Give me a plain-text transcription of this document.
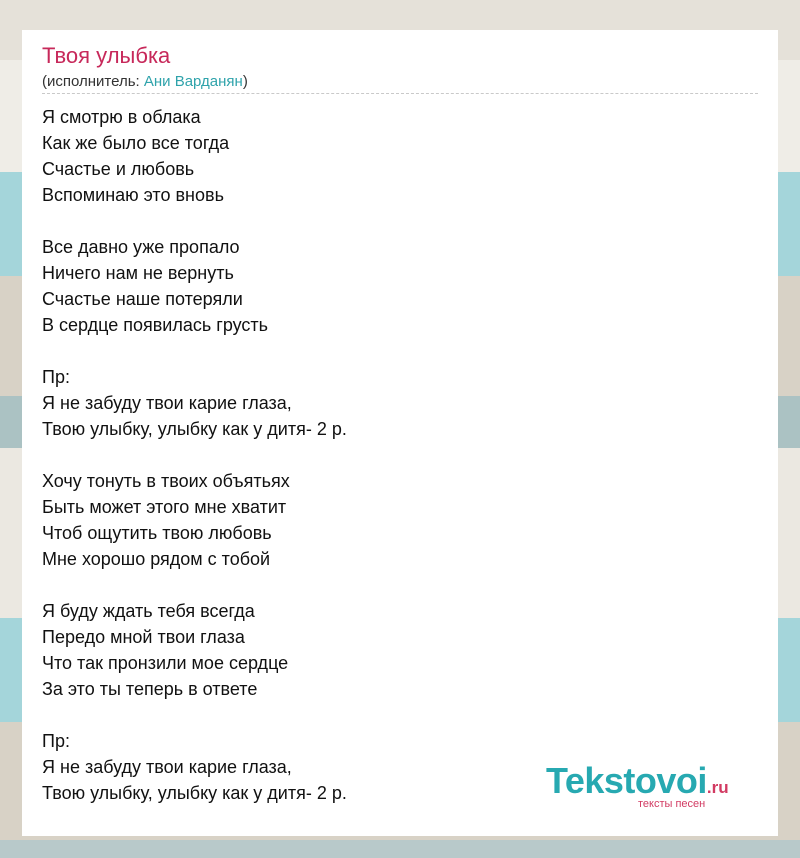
Твоя улыбка
(исполнитель: Ани Варданян)
Я смотрю в облака
Как же было все тогда
Счастье и любовь
Вспоминаю это вновь
Все давно уже пропало
Ничего нам не вернуть
Счастье наше потеряли
В сердце появилась грусть
Пр:
Я не забуду твои карие глаза,
Твою улыбку, улыбку как у дитя- 2 р.
Хочу тонуть в твоих объятьях
Быть может этого мне хватит
Чтоб ощутить твою любовь
Мне хорошо рядом с тобой
Я буду ждать тебя всегда
Передо мной твои глаза
Что так пронзили мое сердце
За это ты теперь в ответе
Пр:
Я не забуду твои карие глаза,
Твою улыбку, улыбку как у дитя- 2 р.	Tekstovoi.ru
тексты песен
